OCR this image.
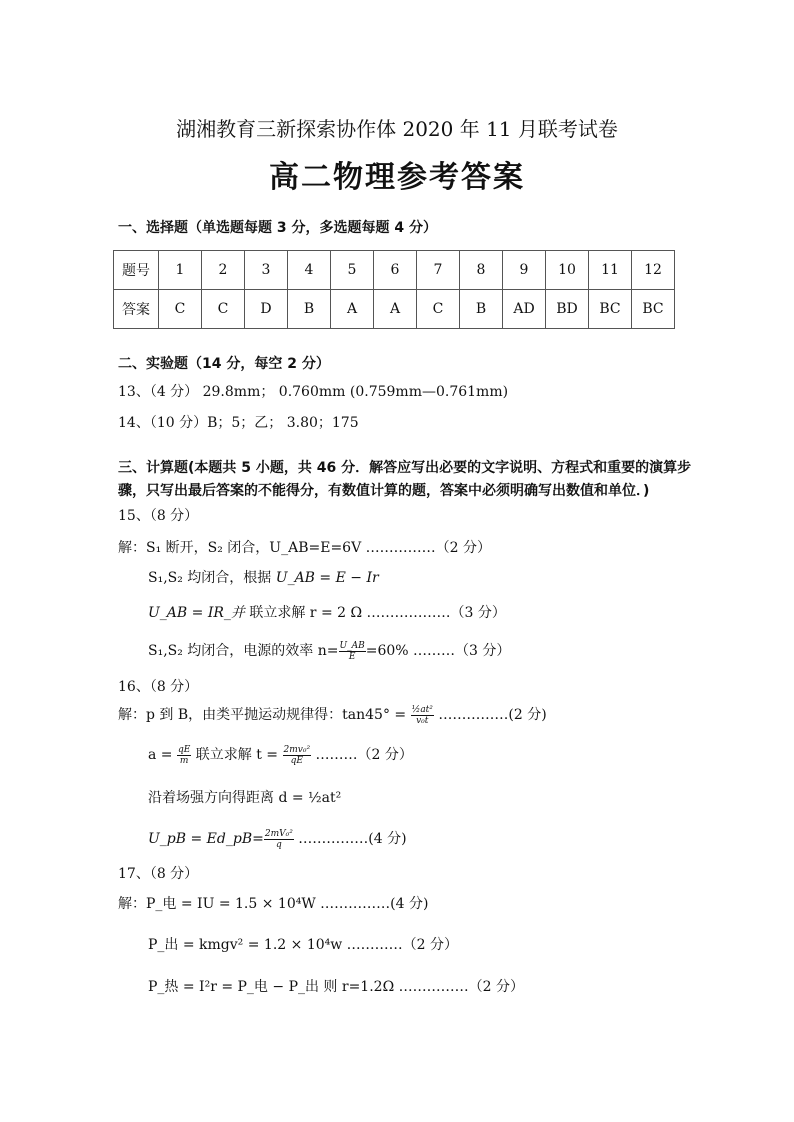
湖湘教育三新探索协作体 2020 年 11 月联考试卷
高二物理参考答案
一、选择题（单选题每题 3 分，多选题每题 4 分）
题号	1	2	3	4	5	6	7	8	9	10	11	12
答案	C	C	D	B	A	A	C	B	AD	BD	BC	BC
二、实验题（14 分，每空 2 分）
13、（4 分） 29.8mm； 0.760mm (0.759mm—0.761mm)
14、（10 分）B；5；乙； 3.80；175
三、计算题(本题共 5 小题，共 46 分．解答应写出必要的文字说明、方程式和重要的演算步
骤，只写出最后答案的不能得分，有数值计算的题，答案中必须明确写出数值和单位．)
15、（8 分）
解：S₁ 断开，S₂ 闭合，U_AB=E=6V ……………（2 分）
S₁,S₂ 均闭合，根据 U_AB = E − Ir
U_AB = IR_并 联立求解 r = 2 Ω ………………（3 分）
S₁,S₂ 均闭合，电源的效率 $n= \frac{U\_AB}{E} =60\%$ ………（3 分）
16、（8 分）
解：p 到 B，由类平抛运动规律得：$\tan 45^\circ = \frac{\text{½at²}}{\text{v₀t}}$ ……………(2 分)
$a = \frac{qE}{m}$ 联立求解 $t = \frac{\text{2mv₀²}}{qE}$ ………（2 分）
沿着场强方向得距离 d = ½at²
U_pB = Ed_pB= $\frac{\text{2mV₀²}}{q}$ ……………(4 分)
17、（8 分）
解：P_电 = IU = 1.5 × 10⁴W ……………(4 分)
P_出 = kmgv² = 1.2 × 10⁴w …………（2 分）
P_热 = I²r = P_电 − P_出 则 r=1.2Ω ……………（2 分）
